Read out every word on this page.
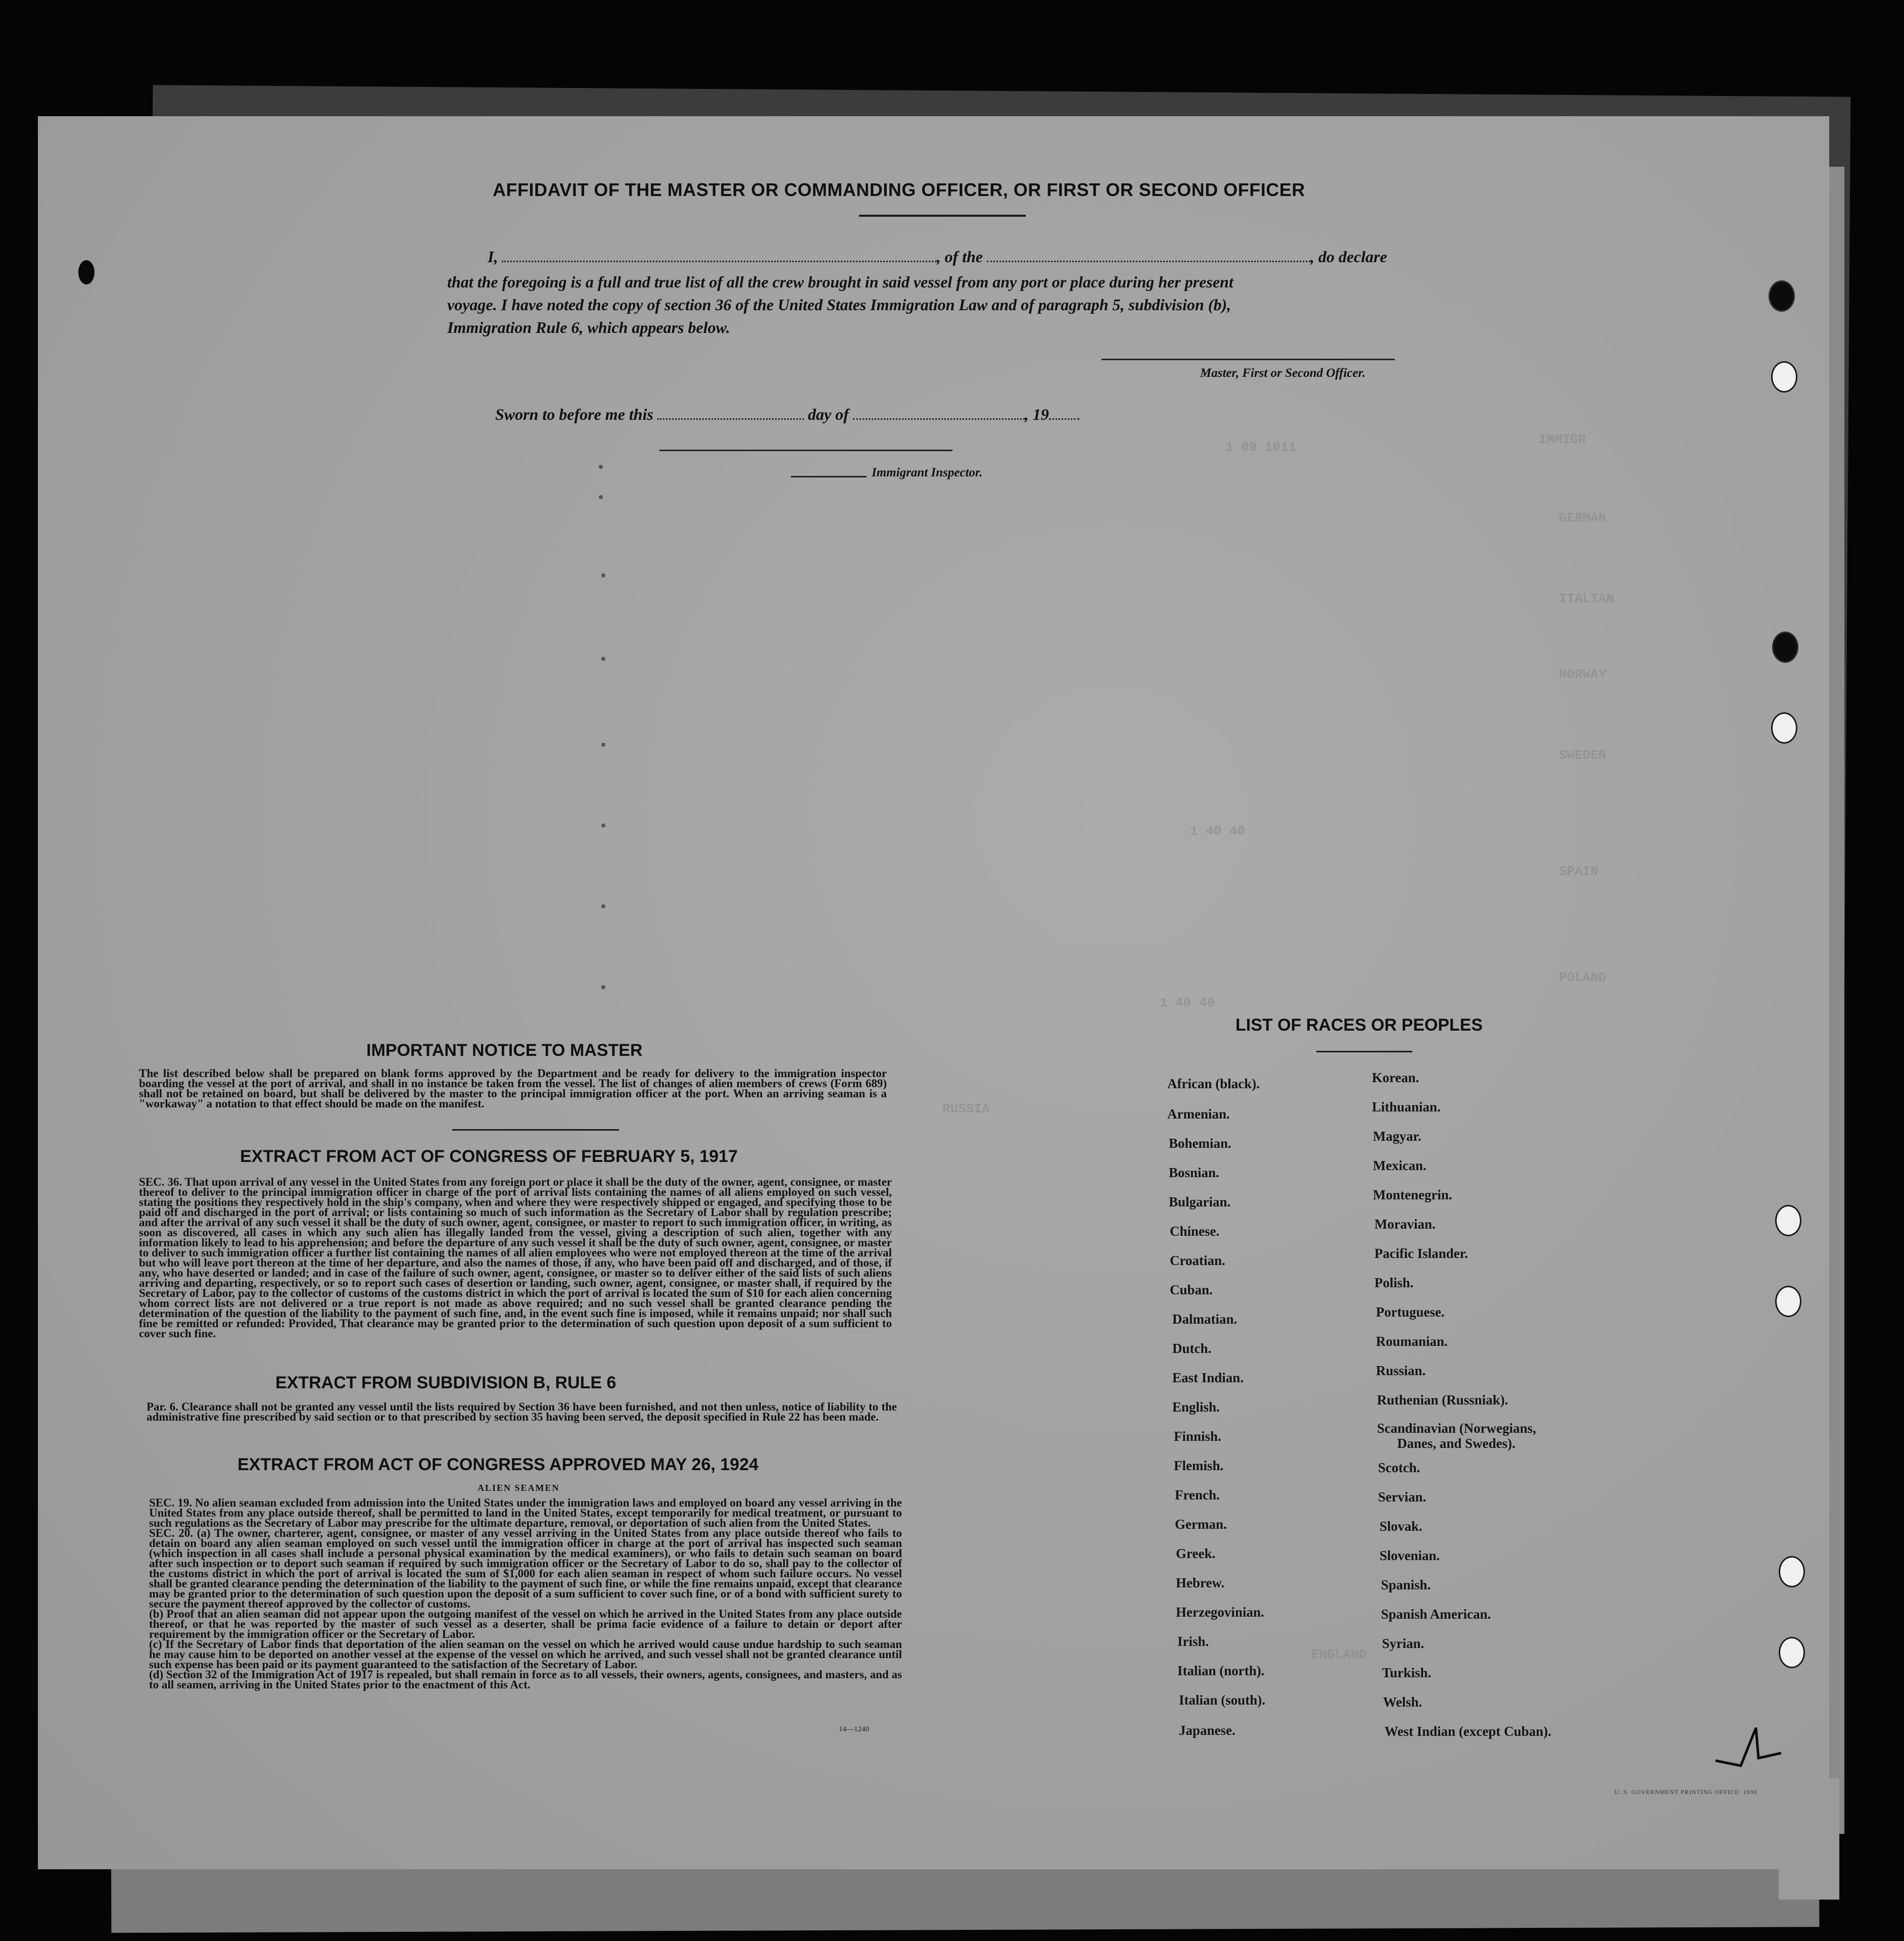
IMMIGR
GERMAN
ITALIAN
NORWAY
SWEDEN
SPAIN
POLAND
1 09 1011
1 40 40
1 40 40
RUSSIA
ENGLAND
AFFIDAVIT OF THE MASTER OR COMMANDING OFFICER, OR FIRST OR SECOND OFFICER

I,	, of the	, do declare

that the foregoing is a full and true list of all the crew brought in said vessel from any port or place during her present

voyage. I have noted the copy of section 36 of the United States Immigration Law and of paragraph 5, subdivision (b),

Immigration Rule 6, which appears below.

Master, First or Second Officer.

Sworn to before me this	day of	, 19

Immigrant Inspector.
IMPORTANT NOTICE TO MASTER

The list described below shall be prepared on blank forms approved by the Department and be ready for delivery to the immigration inspector boarding the vessel at the port of arrival, and shall in no instance be taken from the vessel. The list of changes of alien members of crews (Form 689) shall not be retained on board, but shall be delivered by the master to the principal immigration officer at the port. When an arriving seaman is a "workaway" a notation to that effect should be made on the manifest.

EXTRACT FROM ACT OF CONGRESS OF FEBRUARY 5, 1917

SEC. 36. That upon arrival of any vessel in the United States from any foreign port or place it shall be the duty of the owner, agent, consignee, or master thereof to deliver to the principal immigration officer in charge of the port of arrival lists containing the names of all aliens employed on such vessel, stating the positions they respectively hold in the ship's company, when and where they were respectively shipped or engaged, and specifying those to be paid off and discharged in the port of arrival; or lists containing so much of such information as the Secretary of Labor shall by regulation prescribe; and after the arrival of any such vessel it shall be the duty of such owner, agent, consignee, or master to report to such immigration officer, in writing, as soon as discovered, all cases in which any such alien has illegally landed from the vessel, giving a description of such alien, together with any information likely to lead to his apprehension; and before the departure of any such vessel it shall be the duty of such owner, agent, consignee, or master to deliver to such immigration officer a further list containing the names of all alien employees who were not employed thereon at the time of the arrival but who will leave port thereon at the time of her departure, and also the names of those, if any, who have been paid off and discharged, and of those, if any, who have deserted or landed; and in case of the failure of such owner, agent, consignee, or master so to deliver either of the said lists of such aliens arriving and departing, respectively, or so to report such cases of desertion or landing, such owner, agent, consignee, or master shall, if required by the Secretary of Labor, pay to the collector of customs of the customs district in which the port of arrival is located the sum of $10 for each alien concerning whom correct lists are not delivered or a true report is not made as above required; and no such vessel shall be granted clearance pending the determination of the question of the liability to the payment of such fine, and, in the event such fine is imposed, while it remains unpaid; nor shall such fine be remitted or refunded: Provided, That clearance may be granted prior to the determination of such question upon deposit of a sum sufficient to cover such fine.

EXTRACT FROM SUBDIVISION B, RULE 6

Par. 6. Clearance shall not be granted any vessel until the lists required by Section 36 have been furnished, and not then unless, notice of liability to the administrative fine prescribed by said section or to that prescribed by section 35 having been served, the deposit specified in Rule 22 has been made.

EXTRACT FROM ACT OF CONGRESS APPROVED MAY 26, 1924
ALIEN SEAMEN

SEC. 19. No alien seaman excluded from admission into the United States under the immigration laws and employed on board any vessel arriving in the United States from any place outside thereof, shall be permitted to land in the United States, except temporarily for medical treatment, or pursuant to such regulations as the Secretary of Labor may prescribe for the ultimate departure, removal, or deportation of such alien from the United States.
SEC. 20. (a) The owner, charterer, agent, consignee, or master of any vessel arriving in the United States from any place outside thereof who fails to detain on board any alien seaman employed on such vessel until the immigration officer in charge at the port of arrival has inspected such seaman (which inspection in all cases shall include a personal physical examination by the medical examiners), or who fails to detain such seaman on board after such inspection or to deport such seaman if required by such immigration officer or the Secretary of Labor to do so, shall pay to the collector of the customs district in which the port of arrival is located the sum of $1,000 for each alien seaman in respect of whom such failure occurs. No vessel shall be granted clearance pending the determination of the liability to the payment of such fine, or while the fine remains unpaid, except that clearance may be granted prior to the determination of such question upon the deposit of a sum sufficient to cover such fine, or of a bond with sufficient surety to secure the payment thereof approved by the collector of customs.
(b) Proof that an alien seaman did not appear upon the outgoing manifest of the vessel on which he arrived in the United States from any place outside thereof, or that he was reported by the master of such vessel as a deserter, shall be prima facie evidence of a failure to detain or deport after requirement by the immigration officer or the Secretary of Labor.
(c) If the Secretary of Labor finds that deportation of the alien seaman on the vessel on which he arrived would cause undue hardship to such seaman he may cause him to be deported on another vessel at the expense of the vessel on which he arrived, and such vessel shall not be granted clearance until such expense has been paid or its payment guaranteed to the satisfaction of the Secretary of Labor.
(d) Section 32 of the Immigration Act of 1917 is repealed, but shall remain in force as to all vessels, their owners, agents, consignees, and masters, and as to all seamen, arriving in the United States prior to the enactment of this Act.

14—1240
LIST OF RACES OR PEOPLES
African (black).
Armenian.
Bohemian.
Bosnian.
Bulgarian.
Chinese.
Croatian.
Cuban.
Dalmatian.
Dutch.
East Indian.
English.
Finnish.
Flemish.
French.
German.
Greek.
Hebrew.
Herzegovinian.
Irish.
Italian (north).
Italian (south).
Japanese.
Korean.
Lithuanian.
Magyar.
Mexican.
Montenegrin.
Moravian.
Pacific Islander.
Polish.
Portuguese.
Roumanian.
Russian.
Ruthenian (Russniak).
Scandinavian (Norwegians,
Danes, and Swedes).
Scotch.
Servian.
Slovak.
Slovenian.
Spanish.
Spanish American.
Syrian.
Turkish.
Welsh.
West Indian (except Cuban).
U. S. GOVERNMENT PRINTING OFFICE: 1930
